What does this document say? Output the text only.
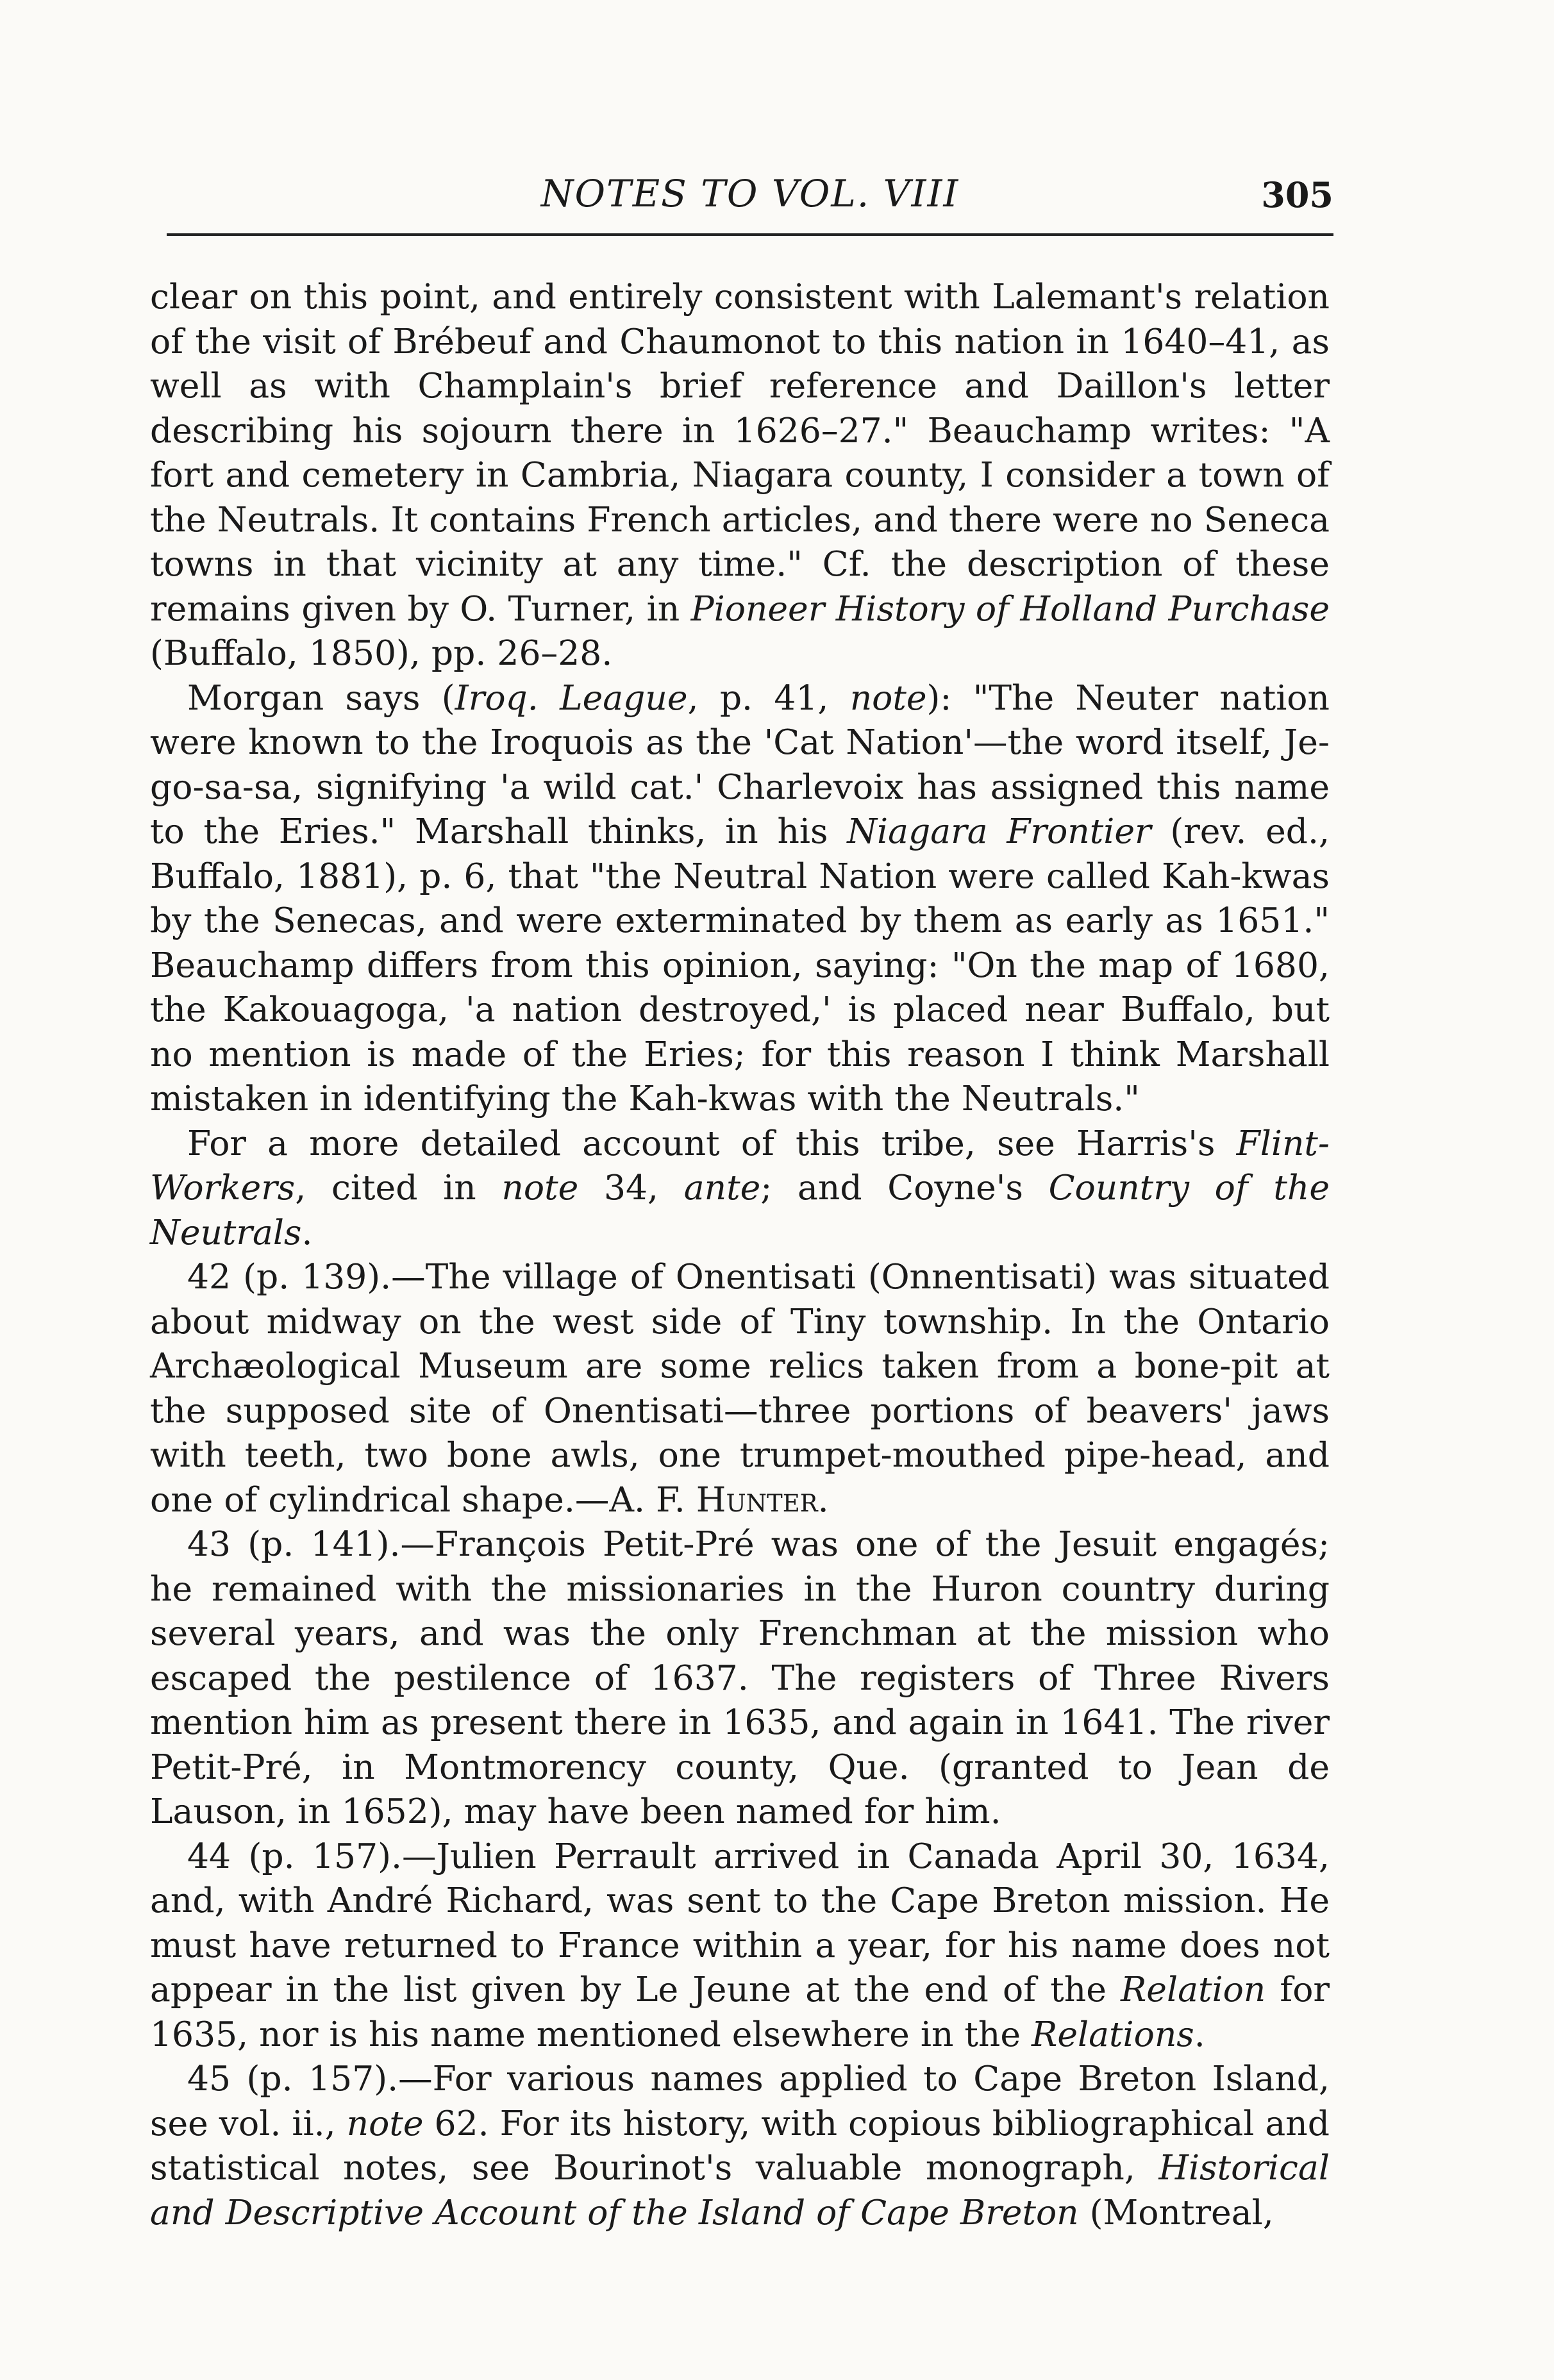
NOTES TO VOL. VIII	305

clear on this point, and entirely consistent with Lalemant's relation of the visit of Brébeuf and Chaumonot to this nation in 1640–41, as well as with Champlain's brief reference and Daillon's letter describing his sojourn there in 1626–27." Beauchamp writes: "A fort and cemetery in Cambria, Niagara county, I consider a town of the Neutrals. It contains French articles, and there were no Seneca towns in that vicinity at any time." Cf. the description of these remains given by O. Turner, in Pioneer History of Holland Purchase (Buffalo, 1850), pp. 26–28.

Morgan says (Iroq. League, p. 41, note): "The Neuter nation were known to the Iroquois as the 'Cat Nation'—the word itself, Je-go-sa-sa, signifying 'a wild cat.' Charlevoix has assigned this name to the Eries." Marshall thinks, in his Niagara Frontier (rev. ed., Buffalo, 1881), p. 6, that "the Neutral Nation were called Kah-kwas by the Senecas, and were exterminated by them as early as 1651." Beauchamp differs from this opinion, saying: "On the map of 1680, the Kakouagoga, 'a nation destroyed,' is placed near Buffalo, but no mention is made of the Eries; for this reason I think Marshall mistaken in identifying the Kah-kwas with the Neutrals."

For a more detailed account of this tribe, see Harris's Flint-Workers, cited in note 34, ante; and Coyne's Country of the Neutrals.

42 (p. 139).—The village of Onentisati (Onnentisati) was situated about midway on the west side of Tiny township. In the Ontario Archæological Museum are some relics taken from a bone-pit at the supposed site of Onentisati—three portions of beavers' jaws with teeth, two bone awls, one trumpet-mouthed pipe-head, and one of cylindrical shape.—A. F. Hunter.

43 (p. 141).—François Petit-Pré was one of the Jesuit engagés; he remained with the missionaries in the Huron country during several years, and was the only Frenchman at the mission who escaped the pestilence of 1637. The registers of Three Rivers mention him as present there in 1635, and again in 1641. The river Petit-Pré, in Montmorency county, Que. (granted to Jean de Lauson, in 1652), may have been named for him.

44 (p. 157).—Julien Perrault arrived in Canada April 30, 1634, and, with André Richard, was sent to the Cape Breton mission. He must have returned to France within a year, for his name does not appear in the list given by Le Jeune at the end of the Relation for 1635, nor is his name mentioned elsewhere in the Relations.

45 (p. 157).—For various names applied to Cape Breton Island, see vol. ii., note 62. For its history, with copious bibliographical and statistical notes, see Bourinot's valuable monograph, Historical and Descriptive Account of the Island of Cape Breton (Montreal,
